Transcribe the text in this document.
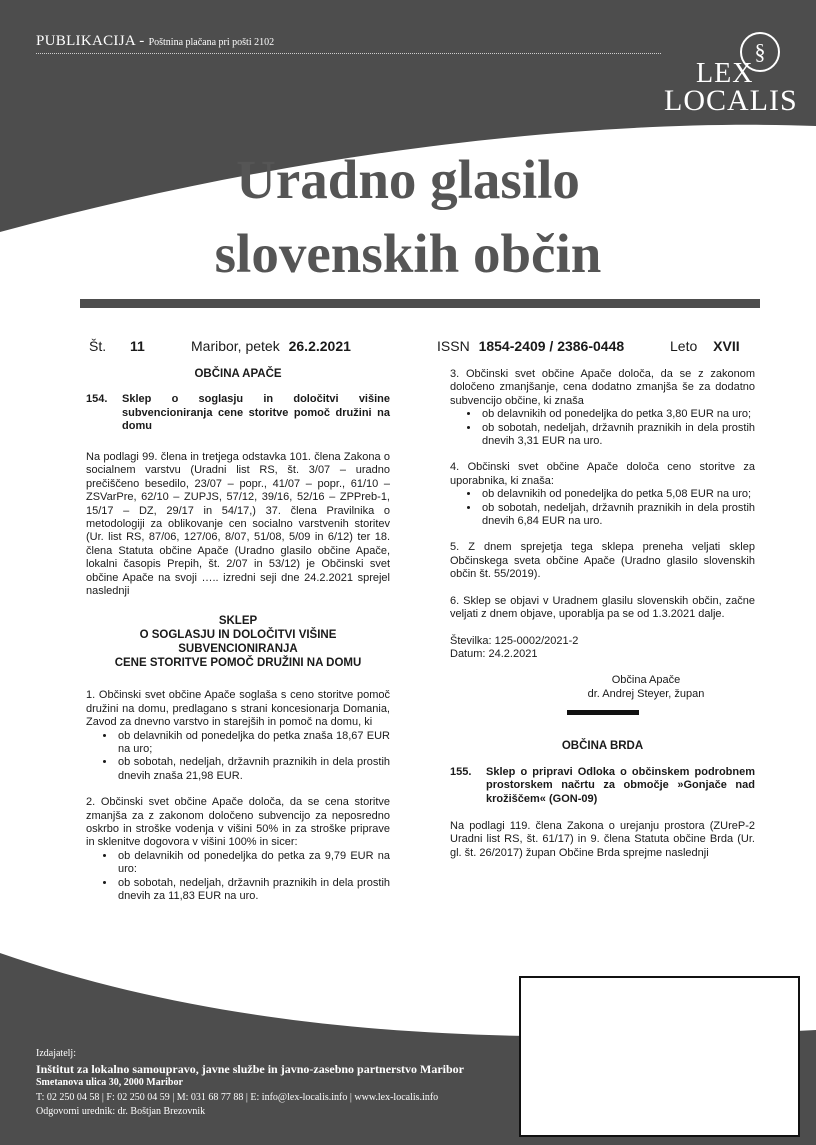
PUBLIKACIJA - Poštnina plačana pri pošti 2102	§
LEX
LOCALIS
Uradno glasilo
slovenskih občin
Št. 11	Maribor, petek 26.2.2021	ISSN 1854-2409 / 2386-0448	Leto XVII
OBČINA APAČE
154.	Sklep o soglasju in določitvi višine subvencioniranja cene storitve pomoč družini na domu

Na podlagi 99. člena in tretjega odstavka 101. člena Zakona o socialnem varstvu (Uradni list RS, št. 3/07 – uradno prečiščeno besedilo, 23/07 – popr., 41/07 – popr., 61/10 – ZSVarPre, 62/10 – ZUPJS, 57/12, 39/16, 52/16 – ZPPreb-1, 15/17 – DZ, 29/17 in 54/17,) 37. člena Pravilnika o metodologiji za oblikovanje cen socialno varstvenih storitev (Ur. list RS, 87/06, 127/06, 8/07, 51/08, 5/09 in 6/12) ter 18. člena Statuta občine Apače (Uradno glasilo občine Apače, lokalni časopis Prepih, št. 2/07 in 53/12) je Občinski svet občine Apače na svoji ….. izredni seji dne 24.2.2021 sprejel naslednji

SKLEP
O SOGLASJU IN DOLOČITVI VIŠINE
SUBVENCIONIRANJA
CENE STORITVE POMOČ DRUŽINI NA DOMU

1. Občinski svet občine Apače soglaša s ceno storitve pomoč družini na domu, predlagano s strani koncesionarja Domania, Zavod za dnevno varstvo in starejših in pomoč na domu, ki

• ob delavnikih od ponedeljka do petka znaša 18,67 EUR na uro;
• ob sobotah, nedeljah, državnih praznikih in dela prostih dnevih znaša 21,98 EUR.

2. Občinski svet občine Apače določa, da se cena storitve zmanjša za z zakonom določeno subvencijo za neposredno oskrbo in stroške vodenja v višini 50% in za stroške priprave in sklenitve dogovora v višini 100% in sicer:

• ob delavnikih od ponedeljka do petka za 9,79 EUR na uro:
• ob sobotah, nedeljah, državnih praznikih in dela prostih dnevih za 11,83 EUR na uro.

3. Občinski svet občine Apače določa, da se z zakonom določeno zmanjšanje, cena dodatno zmanjša še za dodatno subvencijo občine, ki znaša

• ob delavnikih od ponedeljka do petka 3,80 EUR na uro;
• ob sobotah, nedeljah, državnih praznikih in dela prostih dnevih 3,31 EUR na uro.

4. Občinski svet občine Apače določa ceno storitve za uporabnika, ki znaša:

• ob delavnikih od ponedeljka do petka 5,08 EUR na uro;
• ob sobotah, nedeljah, državnih praznikih in dela prostih dnevih 6,84 EUR na uro.

5. Z dnem sprejetja tega sklepa preneha veljati sklep Občinskega sveta občine Apače (Uradno glasilo slovenskih občin št. 55/2019).

6. Sklep se objavi v Uradnem glasilu slovenskih občin, začne veljati z dnem objave, uporablja pa se od 1.3.2021 dalje.

Številka: 125-0002/2021-2

Datum: 24.2.2021

Občina Apače
dr. Andrej Steyer, župan
OBČINA BRDA
155.	Sklep o pripravi Odloka o občinskem podrobnem prostorskem načrtu za območje »Gonjače nad krožiščem« (GON-09)

Na podlagi 119. člena Zakona o urejanju prostora (ZUreP-2 Uradni list RS, št. 61/17) in 9. člena Statuta občine Brda (Ur. gl. št. 26/2017) župan Občine Brda sprejme naslednji

Izdajatelj:
Inštitut za lokalno samoupravo, javne službe in javno-zasebno partnerstvo Maribor
Smetanova ulica 30, 2000 Maribor
T: 02 250 04 58 | F: 02 250 04 59 | M: 031 68 77 88 | E: info@lex-localis.info | www.lex-localis.info
Odgovorni urednik: dr. Boštjan Brezovnik
